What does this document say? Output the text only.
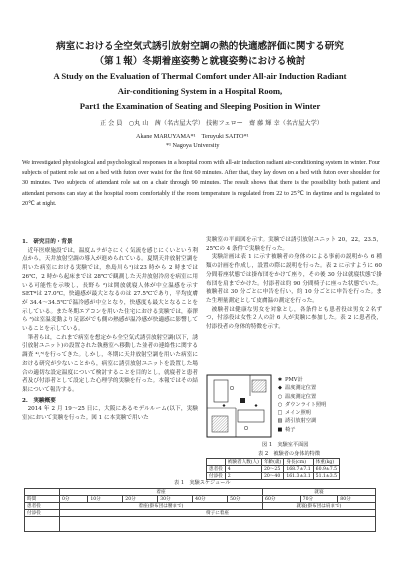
病室における全空気式誘引放射空調の熱的快適感評価に関する研究
（第１報）冬期着座姿勢と就寝姿勢における検討
A Study on the Evaluation of Thermal Comfort under All-air Induction Radiant
Air-conditioning System in a Hospital Room,
Part1 the Examination of Seating and Sleeping Position in Winter
正 会 員　○丸 山　茜（名古屋大学） 技術フェロー　齋 藤 輝 幸（名古屋大学）
Akane MARUYAMA*¹　Teruyuki SAITO*¹
*¹ Nagoya University
We investigated physiological and psychological responses in a hospital room with all-air induction radiant air-conditioning system in winter. Four subjects of patient role sat on a bed with futon over waist for the first 60 minutes. After that, they lay down on a bed with futon over shoulder for 30 minutes. Two subjects of attendant role sat on a chair through 90 minutes. The result shows that there is the possibility both patient and attendant persons can stay at the hospital room comfortably if the room temperature is regulated from 22 to 25℃ in daytime and is regulated to 20℃ at night.
1.　研究目的・背景
近年医療施設では，温度ムラがさにくく気流を感じにくいという利点から，天井放射空調の導入が進められている。夏期天井放射空調を用いた病室における実験では，糸島川ら¹)は23 時から 2 時までは 26℃，2 時から起床までは 28℃で観測した天井放射冷房を病室に用いる可能性を示唆し，長野ら ²)は開放就寝人体が中立温感を示す SET*は 27.0℃，快適感が最大となるのは 27.5℃であり，平均皮膚が 34.4～34.5℃で温冷感が中立となり，快感度も最大となることを示している。また冬期エアコンを用いた住宅における実験では，泰澤ら ³)は室温変動より足部がでも側の熱感が温冷感が快適感に影響していることを示している。
筆者らは，これまで病室を想定から全空気式誘引放射空調(以下，誘引放射ユニット)の設置された執務室へ移動した並者の連絡性に関する調査 ⁴⁾,⁵⁾を行ってきた。しかし，冬期に天井放射空調を用いた病室における研究が少ないことから，病室に誘引放射ユニットを設置した場合の適切な設定温度について検討することを目的とし，就寝者と患者者及び付添者として設定した心理学的実験を行った。本報ではその結果について報告する。
2.　実験概要
2014 年 2 月 19～25 日に，大阪にあるモデルルーム(以下，実験室)において実験を行った。図 1 に本実験で用いた
実験室の平面図を示す。実験では誘引放射ユニット 20，22，23.5，25℃の 4 条件で実験を行った。
実験計画は表 1 に示す被験者の身体のによる事前の説明から 6 種類の計画を作成し，設置の際に説明を行った。表 2 に示すように 60 分間着座状態では掛布団をかけて座り，その後 30 分は就寝状態で掛布団を肩までかけた。付添者は約 90 分間椅子に座った状態でいた。被験者は 30 分ごとに申告を行い，約 10 分ごとに申告を行った。また生理量測定として皮膚温の測定を行った。
被験者は健康な男女を対象とし，各条件とも患者役は男女２名ずつ，付添役は女性２人の計 6 人が実験に参加した。表 2 に患者役，付添役者の身体的特徴を示す。
✱ PMV計
◆ 温度測定位置
○ 温度測定位置
○ ダウンライト照明
□ メイン照明
▧ 誘引放射空調
■ 椅子
図 1　実験室平面図
表 2　被験者の身体的特徴
	被験者人数(人)	年齢(歳)	身長(cm)	体重(kg)
患者役	4	20～25	168.7±7.1	60.9±7.5
付添役	2	20～40	161.3±3.1	51.1±3.5
表 1　実験スケジュール
	着座						就寝		
時間	0分	10分	20分	30分	40分	50分	60分	70分	80分
患者役	着座(掛布団は腰まで)						就寝(掛布団は肩まで)		
付添役	椅子に着座								
